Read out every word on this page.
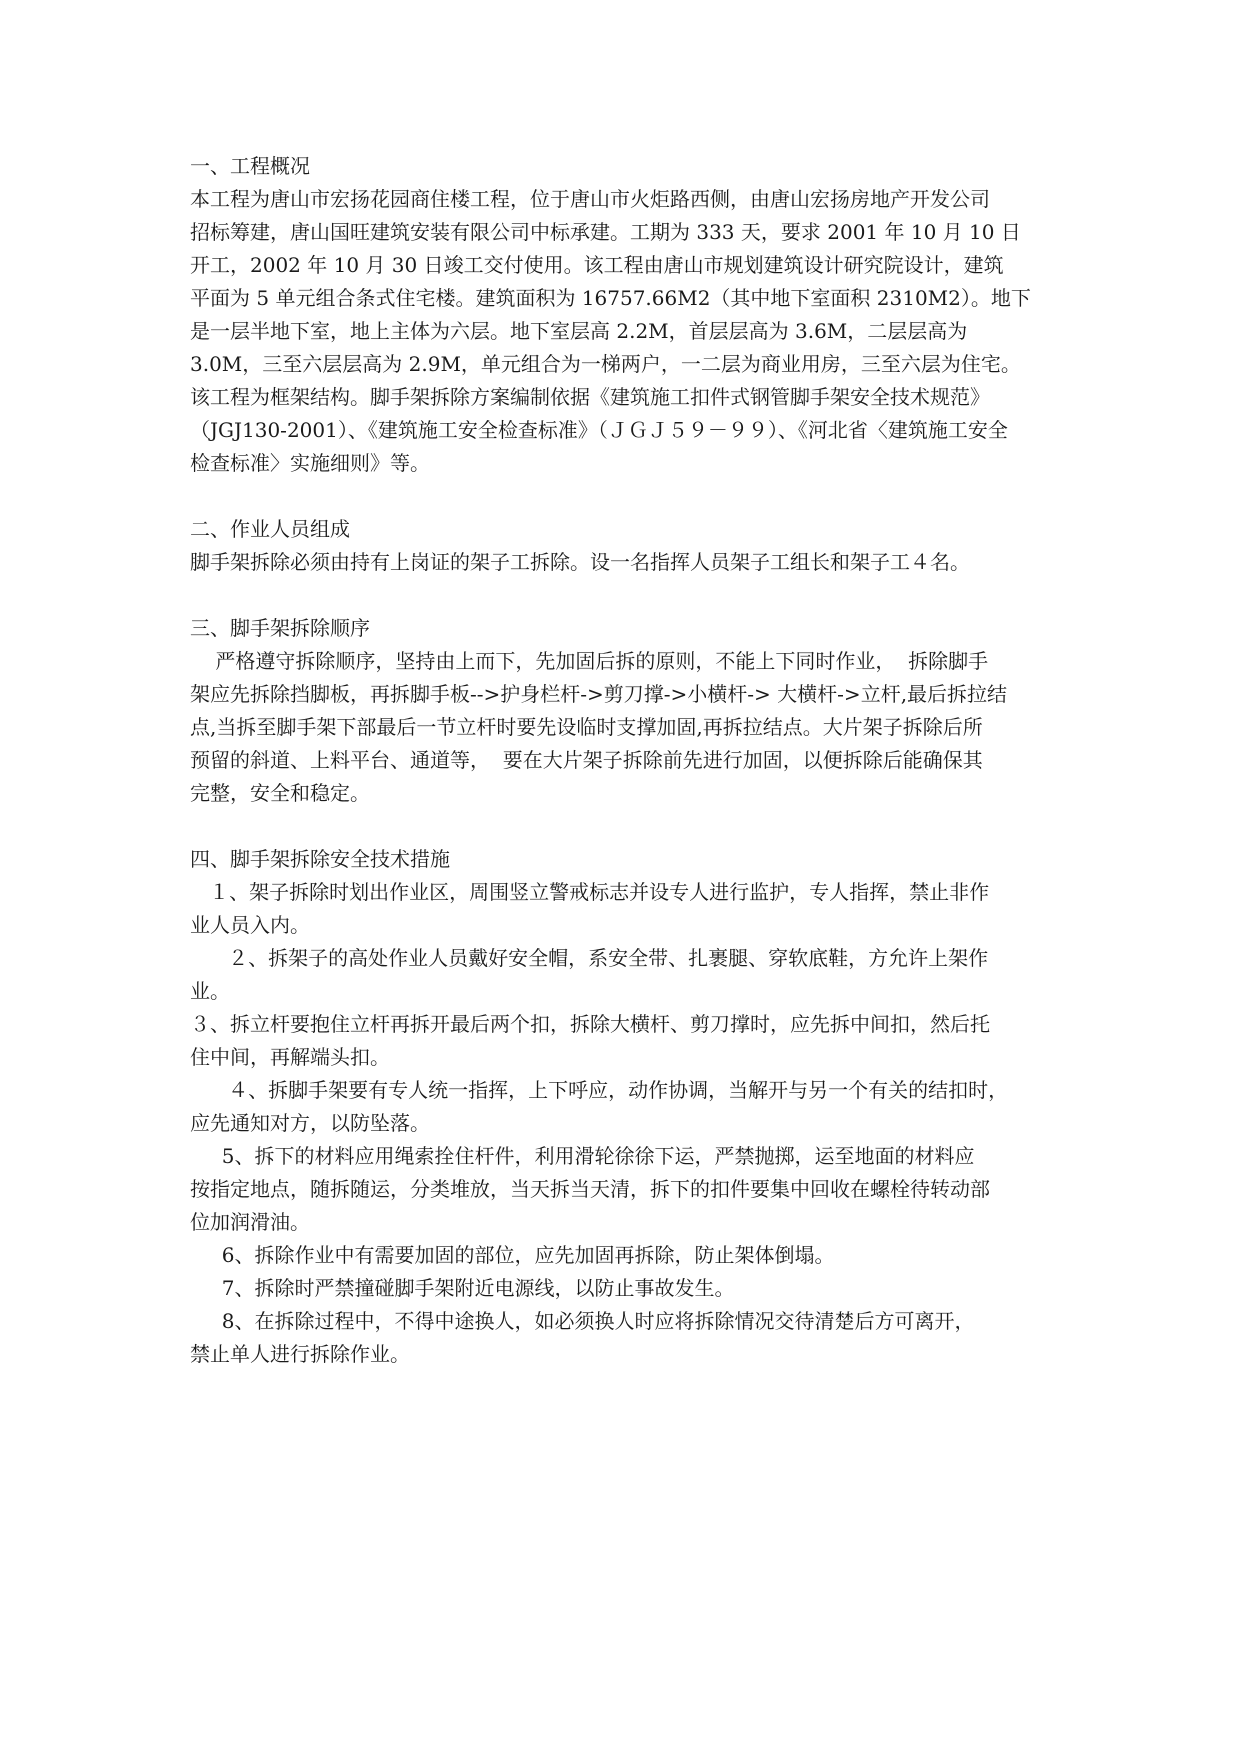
一、工程概况
本工程为唐山市宏扬花园商住楼工程，位于唐山市火炬路西侧，由唐山宏扬房地产开发公司
招标筹建，唐山国旺建筑安装有限公司中标承建。工期为 333 天，要求 2001 年 10 月 10 日
开工，2002 年 10 月 30 日竣工交付使用。该工程由唐山市规划建筑设计研究院设计，建筑
平面为 5 单元组合条式住宅楼。建筑面积为 16757.66M2（其中地下室面积 2310M2）。地下
是一层半地下室，地上主体为六层。地下室层高 2.2M，首层层高为 3.6M，二层层高为
3.0M，三至六层层高为 2.9M，单元组合为一梯两户，一二层为商业用房，三至六层为住宅。
该工程为框架结构。脚手架拆除方案编制依据《建筑施工扣件式钢管脚手架安全技术规范》
（JGJ130-2001）、《建筑施工安全检查标准》（ＪＧＪ５９－９９）、《河北省〈建筑施工安全
检查标准〉实施细则》等。
二、作业人员组成
脚手架拆除必须由持有上岗证的架子工拆除。设一名指挥人员架子工组长和架子工４名。
三、脚手架拆除顺序
严格遵守拆除顺序，坚持由上而下，先加固后拆的原则，不能上下同时作业，  拆除脚手
架应先拆除挡脚板，再拆脚手板-->护身栏杆->剪刀撑->小横杆-> 大横杆->立杆,最后拆拉结
点,当拆至脚手架下部最后一节立杆时要先设临时支撑加固,再拆拉结点。大片架子拆除后所
预留的斜道、上料平台、通道等，  要在大片架子拆除前先进行加固，以便拆除后能确保其
完整，安全和稳定。
四、脚手架拆除安全技术措施
１、架子拆除时划出作业区，周围竖立警戒标志并设专人进行监护，专人指挥，禁止非作
业人员入内。
２、拆架子的高处作业人员戴好安全帽，系安全带、扎裹腿、穿软底鞋，方允许上架作
业。
３、拆立杆要抱住立杆再拆开最后两个扣，拆除大横杆、剪刀撑时，应先拆中间扣，然后托
住中间，再解端头扣。
４、拆脚手架要有专人统一指挥，上下呼应，动作协调，当解开与另一个有关的结扣时，
应先通知对方，以防坠落。
5、拆下的材料应用绳索拴住杆件，利用滑轮徐徐下运，严禁抛掷，运至地面的材料应
按指定地点，随拆随运，分类堆放，当天拆当天清，拆下的扣件要集中回收在螺栓待转动部
位加润滑油。
6、拆除作业中有需要加固的部位，应先加固再拆除，防止架体倒塌。
7、拆除时严禁撞碰脚手架附近电源线，以防止事故发生。
8、在拆除过程中，不得中途换人，如必须换人时应将拆除情况交待清楚后方可离开，
禁止单人进行拆除作业。
